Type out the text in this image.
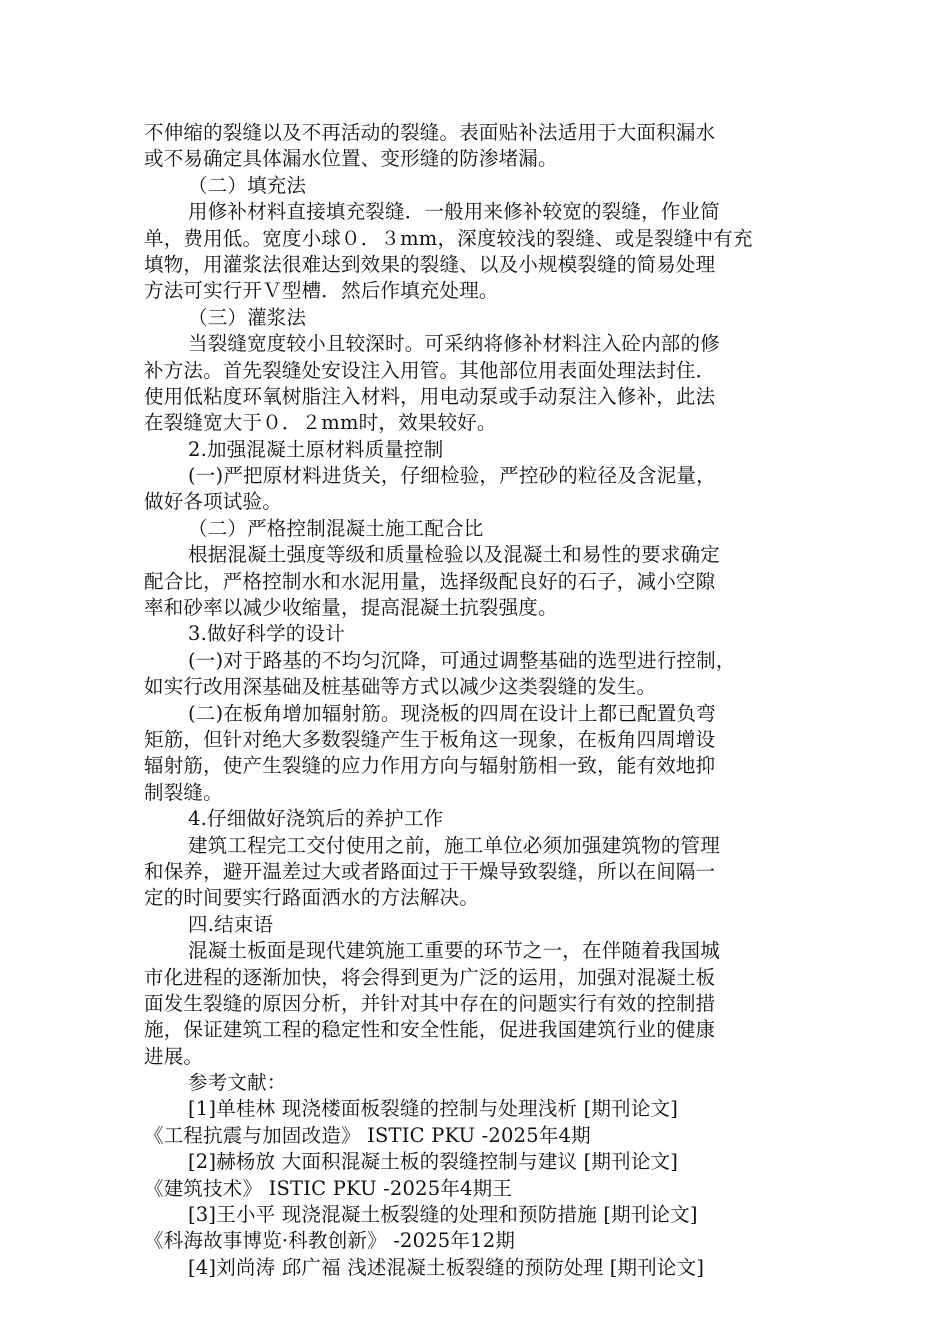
不伸缩的裂缝以及不再活动的裂缝。表面贴补法适用于大面积漏水
或不易确定具体漏水位置、变形缝的防渗堵漏。
（二）填充法
用修补材料直接填充裂缝．一般用来修补较宽的裂缝，作业简
单，费用低。宽度小球０．３mm，深度较浅的裂缝、或是裂缝中有充
填物，用灌浆法很难达到效果的裂缝、以及小规模裂缝的简易处理
方法可实行开Ｖ型槽．然后作填充处理。
（三）灌浆法
当裂缝宽度较小且较深时。可采纳将修补材料注入砼内部的修
补方法。首先裂缝处安设注入用管。其他部位用表面处理法封住．
使用低粘度环氧树脂注入材料，用电动泵或手动泵注入修补，此法
在裂缝宽大于０．２mm时，效果较好。
2.加强混凝土原材料质量控制
(一)严把原材料进货关，仔细检验，严控砂的粒径及含泥量，
做好各项试验。
（二）严格控制混凝土施工配合比
根据混凝土强度等级和质量检验以及混凝土和易性的要求确定
配合比，严格控制水和水泥用量，选择级配良好的石子，减小空隙
率和砂率以减少收缩量，提高混凝土抗裂强度。
3.做好科学的设计
(一)对于路基的不均匀沉降，可通过调整基础的选型进行控制，
如实行改用深基础及桩基础等方式以减少这类裂缝的发生。
(二)在板角增加辐射筋。现浇板的四周在设计上都已配置负弯
矩筋，但针对绝大多数裂缝产生于板角这一现象，在板角四周增设
辐射筋，使产生裂缝的应力作用方向与辐射筋相一致，能有效地抑
制裂缝。
4.仔细做好浇筑后的养护工作
建筑工程完工交付使用之前，施工单位必须加强建筑物的管理
和保养，避开温差过大或者路面过于干燥导致裂缝，所以在间隔一
定的时间要实行路面洒水的方法解决。
四.结束语
混凝土板面是现代建筑施工重要的环节之一，在伴随着我国城
市化进程的逐渐加快，将会得到更为广泛的运用，加强对混凝土板
面发生裂缝的原因分析，并针对其中存在的问题实行有效的控制措
施，保证建筑工程的稳定性和安全性能，促进我国建筑行业的健康
进展。
参考文献：
[1]单桂林 现浇楼面板裂缝的控制与处理浅析 [期刊论文]
《工程抗震与加固改造》 ISTIC PKU -2025年4期
[2]赫杨放 大面积混凝土板的裂缝控制与建议 [期刊论文]
《建筑技术》 ISTIC PKU -2025年4期王
[3]王小平 现浇混凝土板裂缝的处理和预防措施 [期刊论文]
《科海故事博览·科教创新》 -2025年12期
[4]刘尚涛 邱广福 浅述混凝土板裂缝的预防处理 [期刊论文]
